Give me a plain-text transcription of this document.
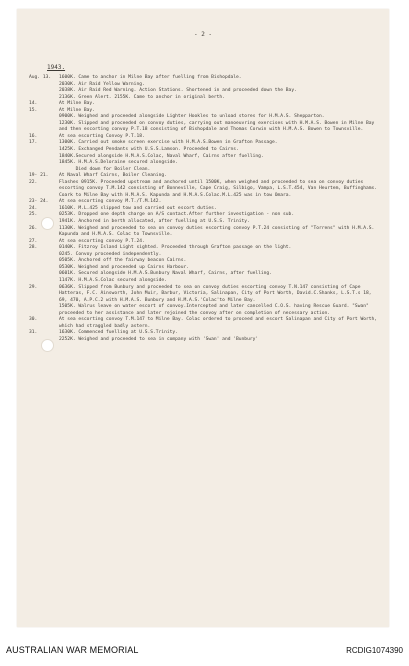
- 2 -
1943.
Aug. 13.	1600K. Came to anchor in Milne Bay after fuelling from Bishopdale.
2030K. Air Raid Yellow Warning.
2038K. Air Raid Red Warning. Action Stations. Shortened in and proceeded down the Bay.
2136K. Green Alert. 2155K. Came to anchor in original berth.
14.	At Milne Bay.
15.	At Milne Bay.
0900K. Weighed and proceeded alongside Lighter Hookles to unload stores for H.M.A.S. Shepparton.
1230K. Slipped and proceeded on convoy duties, carrying out manoeuvring exercises with H.M.A.S. Bowen in Milne Bay and then escorting convoy P.T.18 consisting of Bishopdale and Thomas Corwin with H.M.A.S. Bowen to Townsville.
16.	At sea escorting Convoy P.T.18.
17.	1300K. Carried out smoke screen exercise with H.M.A.S.Bowen in Grafton Passage.
1425K. Exchanged Pendants with U.S.S.Lamson. Proceeded to Cairns.
1840K.Secured alongside H.M.A.S.Colac, Naval Wharf, Cairns after fuelling.
1845K. H.M.A.S.Deloraine secured alongside.
Died down for Boiler Clean.
19- 21.	At Naval Wharf Cairns, Boiler Cleaning.
22.	Flashes 0915K. Proceeded upstream and anchored until 1500K, when weighed and proceeded to sea on convoy duties escorting convoy T.M.142 consisting of Bonneville, Cape Craig, Silbigo, Vampa, L.S.T.454, Van Heurtem, Buffinghams. Coark to Milne Bay with H.M.A.S. Kapunda and H.M.A.S.Colac.M.L.425 was in tow Omara.
23- 24.	At sea escorting convoy M.T./T.M.142.
24.	1610K. M.L.425 slipped tow and carried out escort duties.
25.	0253K. Dropped one depth charge on A/S contact.After further investigation - non sub.
1941K. Anchored in berth allocated, after fuelling at U.S.S. Trinity.
26.	1130K. Weighed and proceeded to sea on convoy duties escorting convoy P.T.24 consisting of "Torrens" with H.M.A.S. Kapunda and H.M.A.S. Colac to Townsville.
27.	At sea escorting convoy P.T.24.
28.	0140K. Fitzroy Island Light sighted. Proceeded through Grafton passage on the light.
0245. Convoy proceeded independently.
0505K. Anchored off the fairway beacon Cairns.
0530K. Weighed and proceeded up Cairns Harbour.
0601K. Secured alongside H.M.A.S.Bunbury Naval Wharf, Cairns, after fuelling.
1147K. H.M.A.S.Colac secured alongside.
29.	0636K. Slipped from Bunbury and proceeded to sea on convoy duties escorting convoy T.N.147 consisting of Cape Hatteras, F.C. Ainsworth, John Muir, Barbur, Victoria, Salinapan, City of Port Worth, David.C.Shanks, L.S.T.s 18, 69, 470, A.P.C.2 with H.M.A.S. Bunbury and H.M.A.S.'Colac'to Milne Bay.
1505K. Walrus leave on water escort of convoy.Intercepted and later cancelled C.O.S. having Rescue Guard. "Swan" proceeded to her assistance and later rejoined the convoy after on completion of necessary action.
30.	At sea escorting convoy T.M.147 to Milne Bay. Colac ordered to proceed and escort Salinapan and City of Port Worth, which had straggled badly astern.
31.	1630K. Commenced fuelling at U.S.S.Trinity.
2252K. Weighed and proceeded to sea in company with 'Swan' and 'Bunbury'
AUSTRALIAN WAR MEMORIAL	RCDIG1074390
